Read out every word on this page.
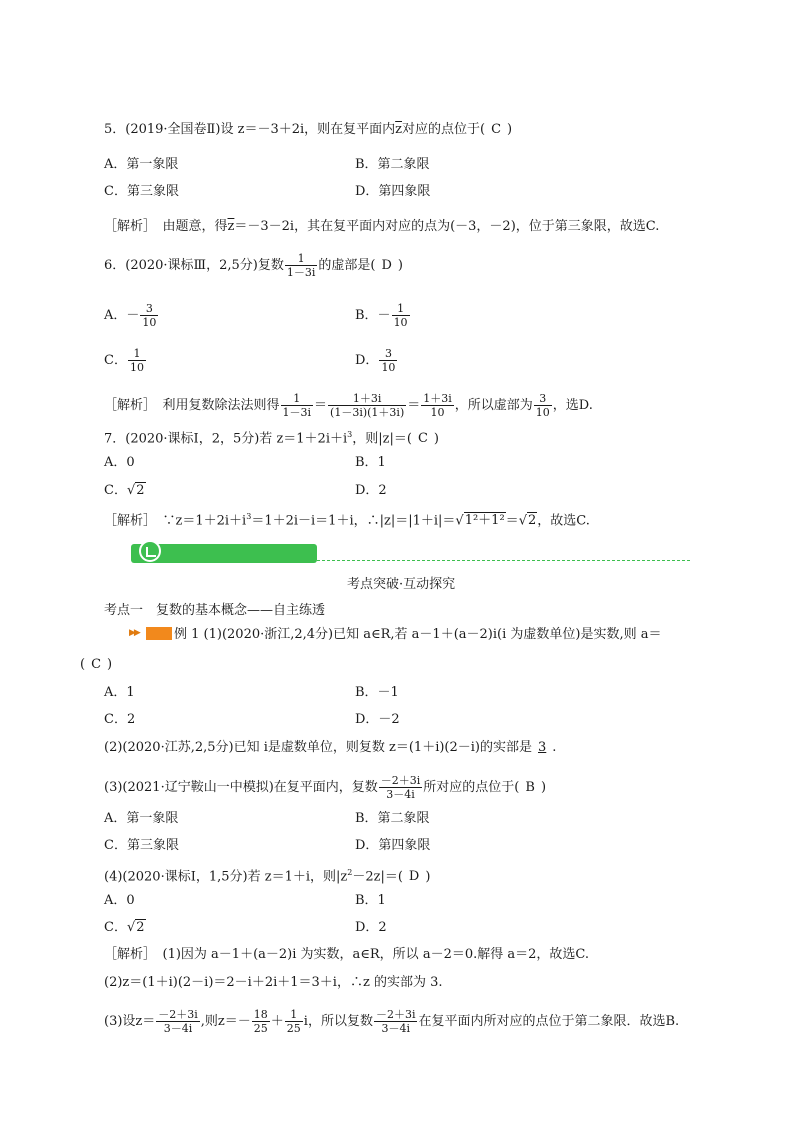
5．(2019·全国卷Ⅱ)设 z＝－3＋2i，则在复平面内$\overline{z}$对应的点位于( C )
A．第一象限	B．第二象限
C．第三象限	D．第四象限
［解析］　由题意，得$\overline{z}=-3-2i$，其在复平面内对应的点为(－3，－2)，位于第三象限，故选C.
6．(2020·课标Ⅲ，2,5分)复数 $\frac{1}{1-3i}$ 的虚部是( D )
A．－ $\frac{3}{10}$	B．－ $\frac{1}{10}$
C． $\frac{1}{10}$	D． $\frac{3}{10}$
［解析］　利用复数除法法则得 $\frac{1}{1-3i} = \frac{1+3i}{(1-3i)(1+3i)} = \frac{1+3i}{10}$ ，所以虚部为 $\frac{3}{10}$ ，选D.
7．(2020·课标Ⅰ，2，5分)若 $z=1+2i+i^3$，则|z|＝( C )
A．0	B．1
C．√2	D．2
［解析］　$\because z=1+2i+i^3=1+2i-i=1+i$，∴|z|＝|1＋i|＝√1²＋1²＝√2，故选C.
考点突破·互动探究
考点一　复数的基本概念——自主练透
▶▶	例 1 (1)(2020·浙江,2,4分)已知 a∈R,若 a－1＋(a－2)i(i 为虚数单位)是实数,则 a＝
( C )
A．1	B．－1
C．2	D．－2
(2)(2020·江苏,2,5分)已知 i是虚数单位，则复数 z＝(1＋i)(2－i)的实部是 3 .
(3)(2021·辽宁鞍山一中模拟)在复平面内，复数 $\frac{-2+3i}{3-4i}$ 所对应的点位于( B )
A．第一象限	B．第二象限
C．第三象限	D．第四象限
(4)(2020·课标Ⅰ，1,5分)若 z＝1＋i，则$|z^2-2z|=$( D )
A．0	B．1
C．√2	D．2
［解析］　(1)因为 a－1＋(a－2)i 为实数，a∈R，所以 a－2＝0.解得 a＝2，故选C.
(2)z＝(1＋i)(2－i)＝2－i＋2i＋1＝3＋i，∴z 的实部为 3.
(3)设$z= \frac{-2+3i}{3-4i}$ ,则$z=- \frac{18}{25} + \frac{1}{25}$ i，所以复数 $\frac{-2+3i}{3-4i}$ 在复平面内所对应的点位于第二象限．故选B.
